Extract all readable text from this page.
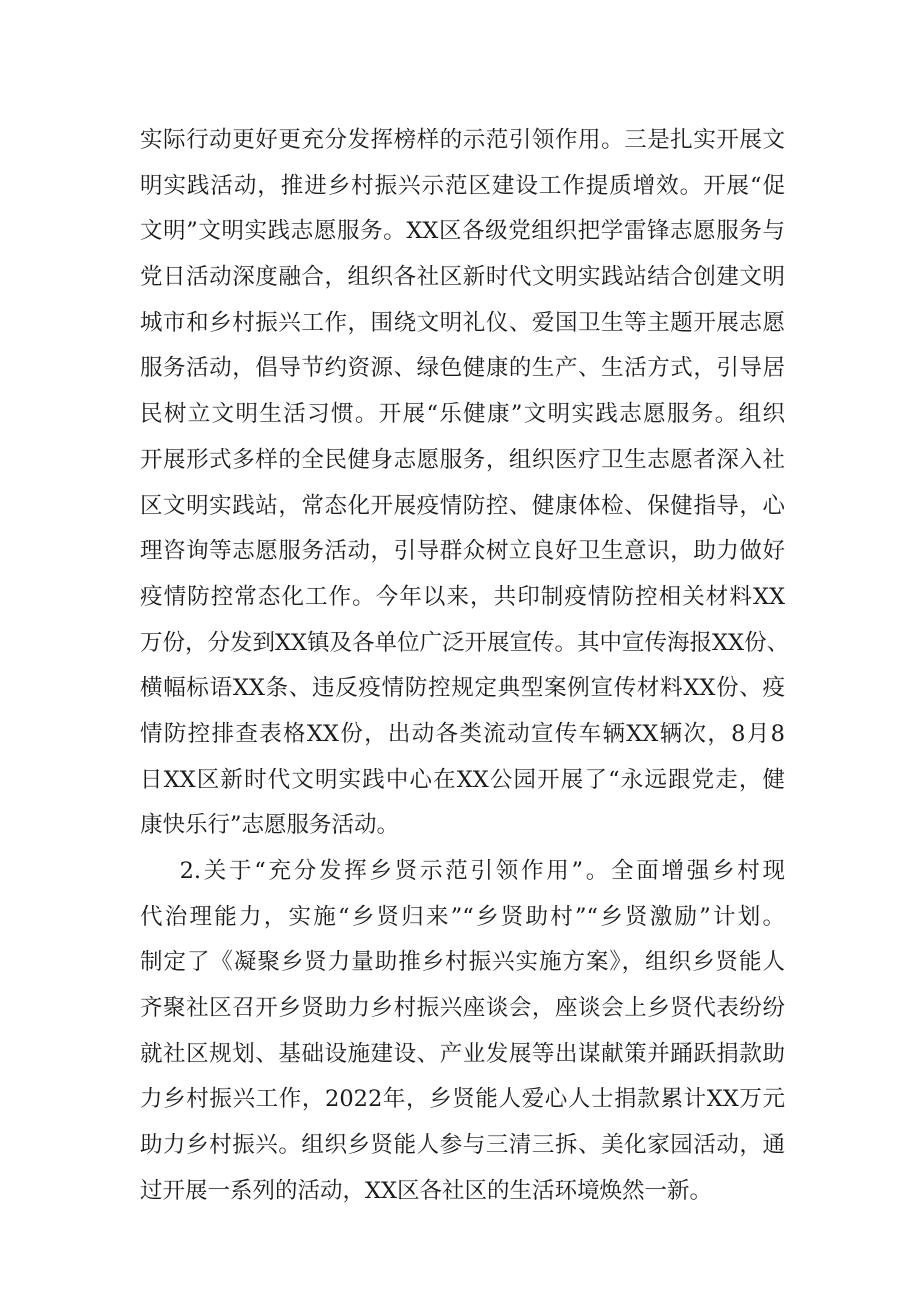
实际行动更好更充分发挥榜样的示范引领作用。三是扎实开展文
明实践活动，推进乡村振兴示范区建设工作提质增效。开展“促
文明”文明实践志愿服务。XX区各级党组织把学雷锋志愿服务与
党日活动深度融合，组织各社区新时代文明实践站结合创建文明
城市和乡村振兴工作，围绕文明礼仪、爱国卫生等主题开展志愿
服务活动，倡导节约资源、绿色健康的生产、生活方式，引导居
民树立文明生活习惯。开展“乐健康”文明实践志愿服务。组织
开展形式多样的全民健身志愿服务，组织医疗卫生志愿者深入社
区文明实践站，常态化开展疫情防控、健康体检、保健指导，心
理咨询等志愿服务活动，引导群众树立良好卫生意识，助力做好
疫情防控常态化工作。今年以来，共印制疫情防控相关材料XX
万份，分发到XX镇及各单位广泛开展宣传。其中宣传海报XX份、
横幅标语XX条、违反疫情防控规定典型案例宣传材料XX份、疫
情防控排查表格XX份，出动各类流动宣传车辆XX辆次，8月8
日XX区新时代文明实践中心在XX公园开展了“永远跟党走，健
康快乐行”志愿服务活动。
2.关于“充分发挥乡贤示范引领作用”。全面增强乡村现
代治理能力，实施“乡贤归来”“乡贤助村”“乡贤激励”计划。
制定了《凝聚乡贤力量助推乡村振兴实施方案》，组织乡贤能人
齐聚社区召开乡贤助力乡村振兴座谈会，座谈会上乡贤代表纷纷
就社区规划、基础设施建设、产业发展等出谋献策并踊跃捐款助
力乡村振兴工作，2022年，乡贤能人爱心人士捐款累计XX万元
助力乡村振兴。组织乡贤能人参与三清三拆、美化家园活动，通
过开展一系列的活动，XX区各社区的生活环境焕然一新。
